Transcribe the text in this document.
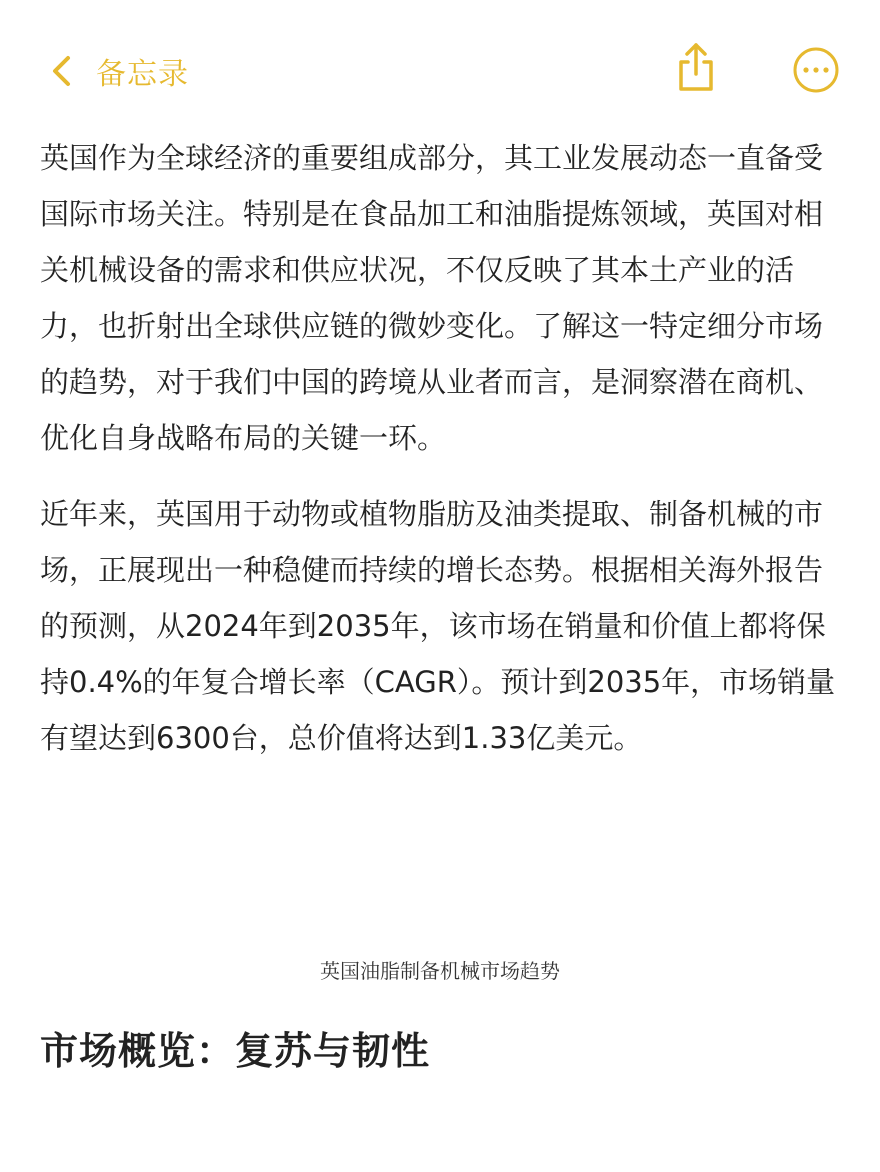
备忘录

英国作为全球经济的重要组成部分，其工业发展动态一直备受国际市场关注。特别是在食品加工和油脂提炼领域，英国对相关机械设备的需求和供应状况，不仅反映了其本土产业的活力，也折射出全球供应链的微妙变化。了解这一特定细分市场的趋势，对于我们中国的跨境从业者而言，是洞察潜在商机、优化自身战略布局的关键一环。

近年来，英国用于动物或植物脂肪及油类提取、制备机械的市场，正展现出一种稳健而持续的增长态势。根据相关海外报告的预测，从2024年到2035年，该市场在销量和价值上都将保持0.4%的年复合增长率（CAGR）。预计到2035年，市场销量有望达到6300台，总价值将达到1.33亿美元。

英国油脂制备机械市场趋势
市场概览：复苏与韧性
